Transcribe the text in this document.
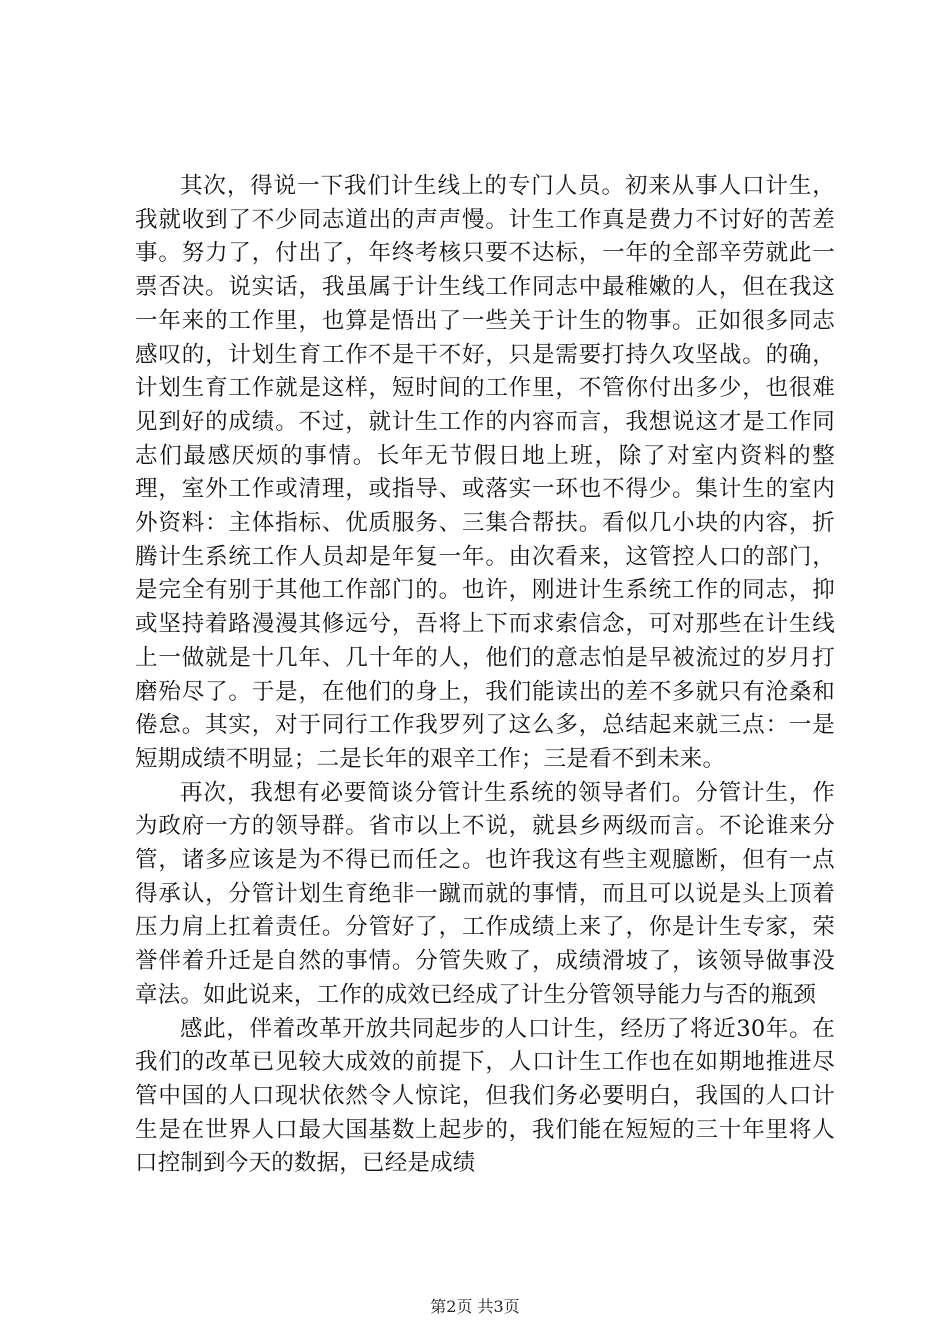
其次，得说一下我们计生线上的专门人员。初来从事人口计生，我就收到了不少同志道出的声声慢。计生工作真是费力不讨好的苦差事。努力了，付出了，年终考核只要不达标，一年的全部辛劳就此一票否决。说实话，我虽属于计生线工作同志中最稚嫩的人，但在我这一年来的工作里，也算是悟出了一些关于计生的物事。正如很多同志感叹的，计划生育工作不是干不好，只是需要打持久攻坚战。的确，计划生育工作就是这样，短时间的工作里，不管你付出多少，也很难见到好的成绩。不过，就计生工作的内容而言，我想说这才是工作同志们最感厌烦的事情。长年无节假日地上班，除了对室内资料的整理，室外工作或清理，或指导、或落实一环也不得少。集计生的室内外资料：主体指标、优质服务、三集合帮扶。看似几小块的内容，折腾计生系统工作人员却是年复一年。由次看来，这管控人口的部门，是完全有别于其他工作部门的。也许，刚进计生系统工作的同志，抑或坚持着路漫漫其修远兮，吾将上下而求索信念，可对那些在计生线上一做就是十几年、几十年的人，他们的意志怕是早被流过的岁月打磨殆尽了。于是，在他们的身上，我们能读出的差不多就只有沧桑和倦怠。其实，对于同行工作我罗列了这么多，总结起来就三点：一是短期成绩不明显；二是长年的艰辛工作；三是看不到未来。

再次，我想有必要简谈分管计生系统的领导者们。分管计生，作为政府一方的领导群。省市以上不说，就县乡两级而言。不论谁来分管，诸多应该是为不得已而任之。也许我这有些主观臆断，但有一点得承认，分管计划生育绝非一蹴而就的事情，而且可以说是头上顶着压力肩上扛着责任。分管好了，工作成绩上来了，你是计生专家，荣誉伴着升迁是自然的事情。分管失败了，成绩滑坡了，该领导做事没章法。如此说来，工作的成效已经成了计生分管领导能力与否的瓶颈

感此，伴着改革开放共同起步的人口计生，经历了将近30年。在我们的改革已见较大成效的前提下，人口计生工作也在如期地推进尽管中国的人口现状依然令人惊诧，但我们务必要明白，我国的人口计生是在世界人口最大国基数上起步的，我们能在短短的三十年里将人口控制到今天的数据，已经是成绩

第2页 共3页
